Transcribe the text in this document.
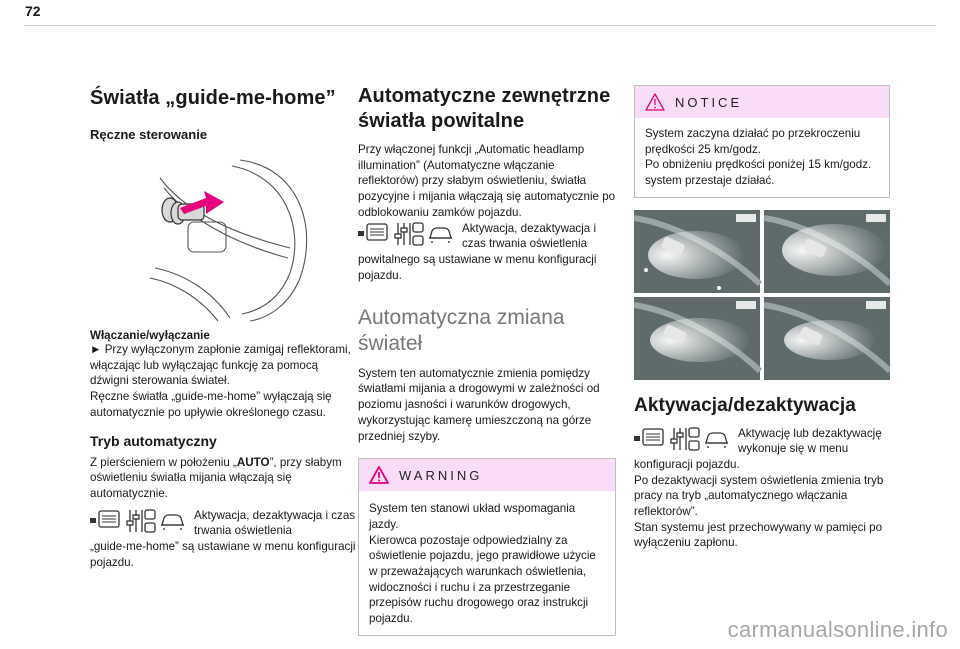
72
Światła „guide-me-home”
Ręczne sterowanie
Włączanie/wyłączanie

► Przy wyłączonym zapłonie zamigaj reflektorami, włączając lub wyłączając funkcję za pomocą dźwigni sterowania świateł.

Ręczne światła „guide-me-home” wyłączają się automatycznie po upływie określonego czasu.

Tryb automatyczny

Z pierścieniem w położeniu „AUTO”, przy słabym oświetleniu światła mijania włączają się automatycznie.

Aktywacja, dezaktywacja i czas trwania oświetlenia

„guide-me-home” są ustawiane w menu konfiguracji pojazdu.

Automatyczne zewnętrzne światła powitalne

Przy włączonej funkcji „Automatic headlamp illumination” (Automatyczne włączanie reflektorów) przy słabym oświetleniu, światła pozycyjne i mijania włączają się automatycznie po odblokowaniu zamków pojazdu.

Aktywacja, dezaktywacja i czas trwania oświetlenia

powitalnego są ustawiane w menu konfiguracji pojazdu.

Automatyczna zmiana świateł

System ten automatycznie zmienia pomiędzy światłami mijania a drogowymi w zależności od poziomu jasności i warunków drogowych, wykorzystując kamerę umieszczoną na górze przedniej szyby.

WARNING

System ten stanowi układ wspomagania jazdy.

Kierowca pozostaje odpowiedzialny za oświetlenie pojazdu, jego prawidłowe użycie w przeważających warunkach oświetlenia, widoczności i ruchu i za przestrzeganie przepisów ruchu drogowego oraz instrukcji pojazdu.

NOTICE

System zaczyna działać po przekroczeniu prędkości 25 km/godz.

Po obniżeniu prędkości poniżej 15 km/godz. system przestaje działać.

Aktywacja/dezaktywacja

Aktywację lub dezaktywację wykonuje się w menu

konfiguracji pojazdu.

Po dezaktywacji system oświetlenia zmienia tryb pracy na tryb „automatycznego włączania reflektorów”.

Stan systemu jest przechowywany w pamięci po wyłączeniu zapłonu.

carmanualsonline.info
